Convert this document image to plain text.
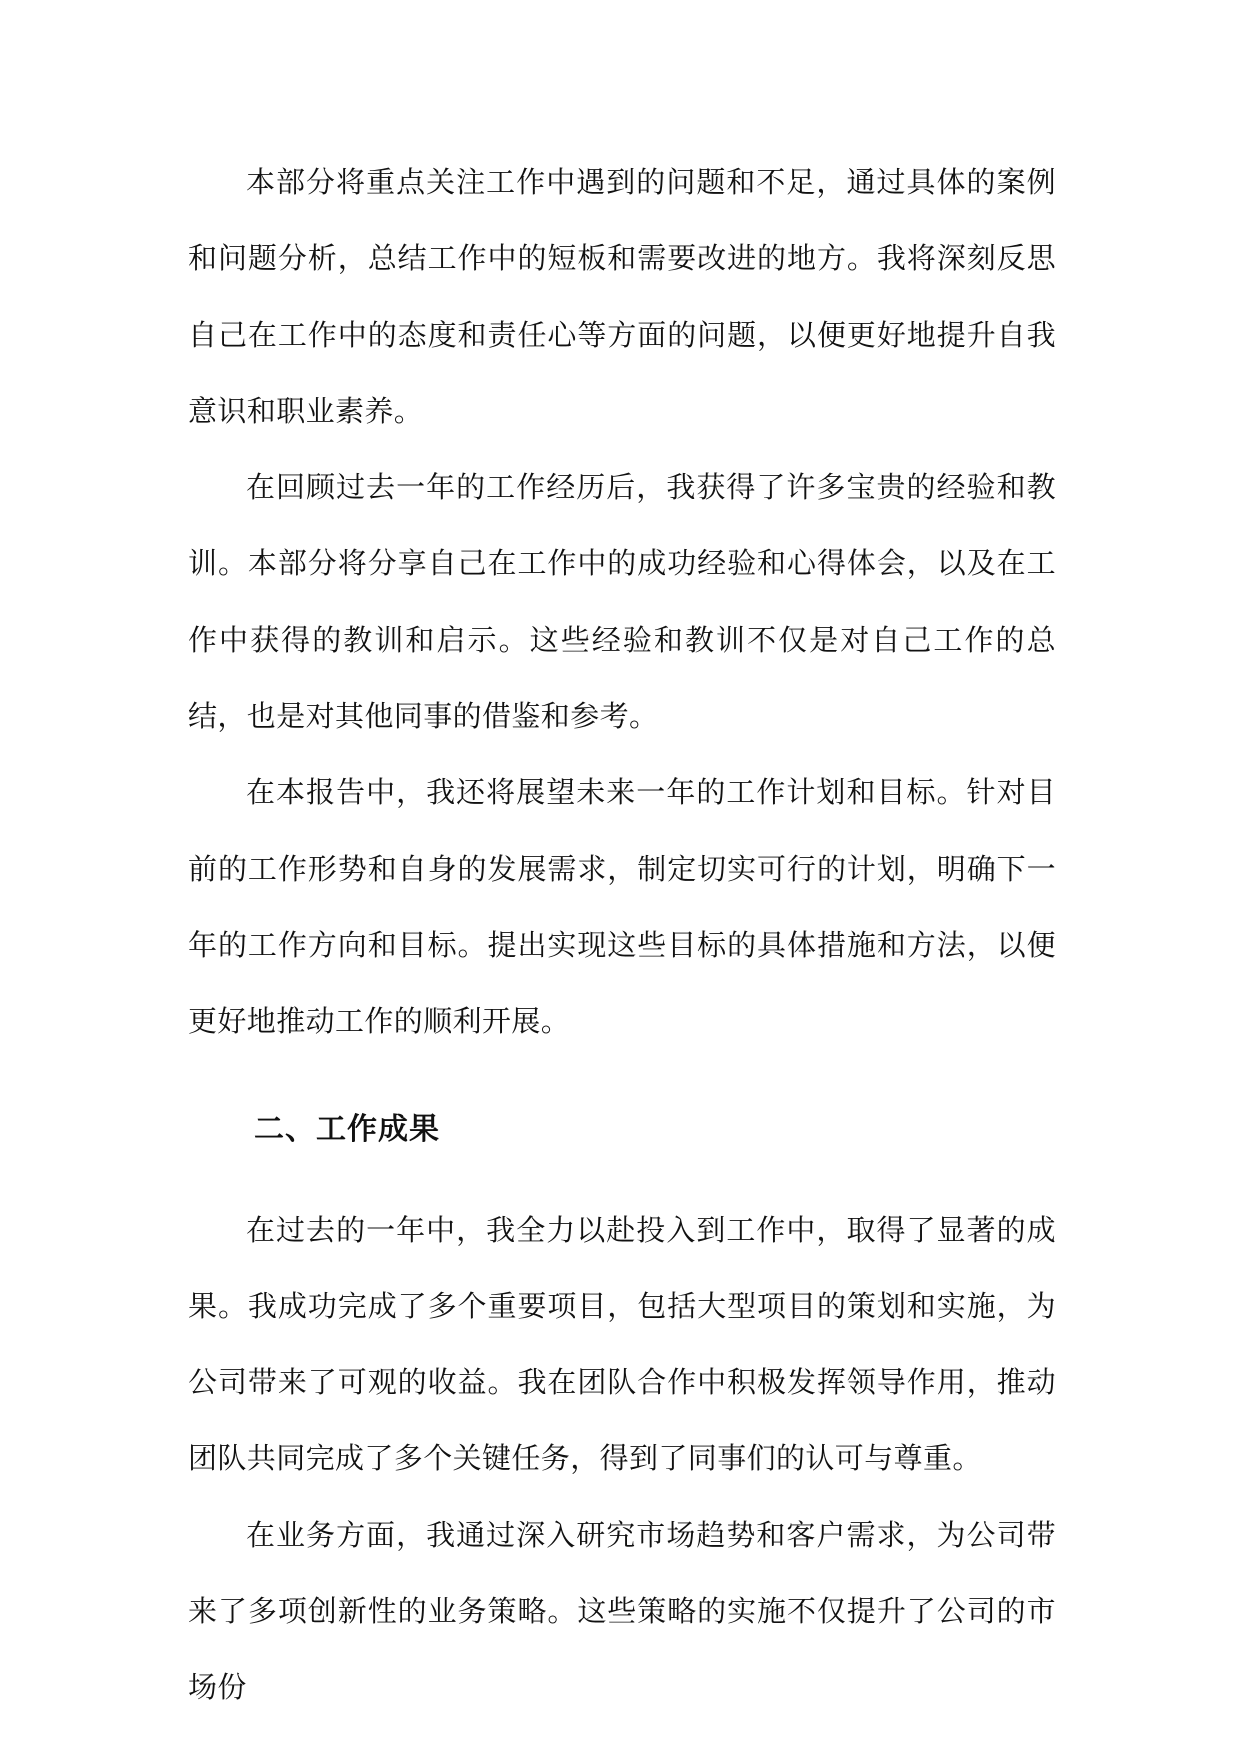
本部分将重点关注工作中遇到的问题和不足，通过具体的案例和问题分析，总结工作中的短板和需要改进的地方。我将深刻反思自己在工作中的态度和责任心等方面的问题，以便更好地提升自我意识和职业素养。

在回顾过去一年的工作经历后，我获得了许多宝贵的经验和教训。本部分将分享自己在工作中的成功经验和心得体会，以及在工作中获得的教训和启示。这些经验和教训不仅是对自己工作的总结，也是对其他同事的借鉴和参考。

在本报告中，我还将展望未来一年的工作计划和目标。针对目前的工作形势和自身的发展需求，制定切实可行的计划，明确下一年的工作方向和目标。提出实现这些目标的具体措施和方法，以便更好地推动工作的顺利开展。

二、工作成果

在过去的一年中，我全力以赴投入到工作中，取得了显著的成果。我成功完成了多个重要项目，包括大型项目的策划和实施，为公司带来了可观的收益。我在团队合作中积极发挥领导作用，推动团队共同完成了多个关键任务，得到了同事们的认可与尊重。

在业务方面，我通过深入研究市场趋势和客户需求，为公司带来了多项创新性的业务策略。这些策略的实施不仅提升了公司的市场份
